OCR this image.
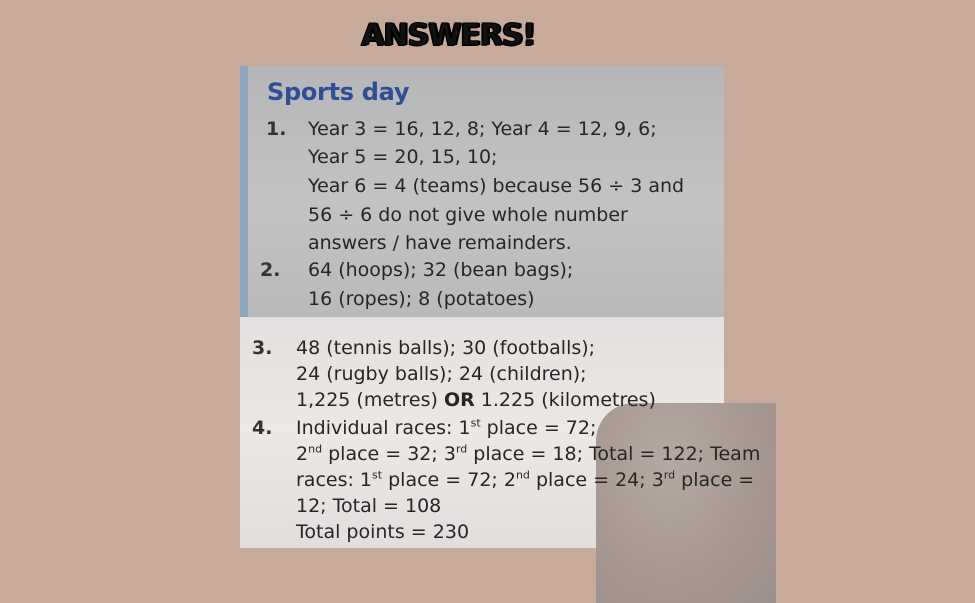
ANSWERS!
Sports day
1. Year 3 = 16, 12, 8; Year 4 = 12, 9, 6;
Year 5 = 20, 15, 10;
Year 6 = 4 (teams) because 56 ÷ 3 and
56 ÷ 6 do not give whole number
answers / have remainders.
2. 64 (hoops); 32 (bean bags);
16 (ropes); 8 (potatoes)
3. 48 (tennis balls); 30 (footballs);
24 (rugby balls); 24 (children);
1,225 (metres) OR 1.225 (kilometres)
4. Individual races: 1st place = 72;
2nd place = 32; 3rd place = 18; Total = 122; Team
races: 1st place = 72; 2nd place = 24; 3rd place =
12; Total = 108
Total points = 230
